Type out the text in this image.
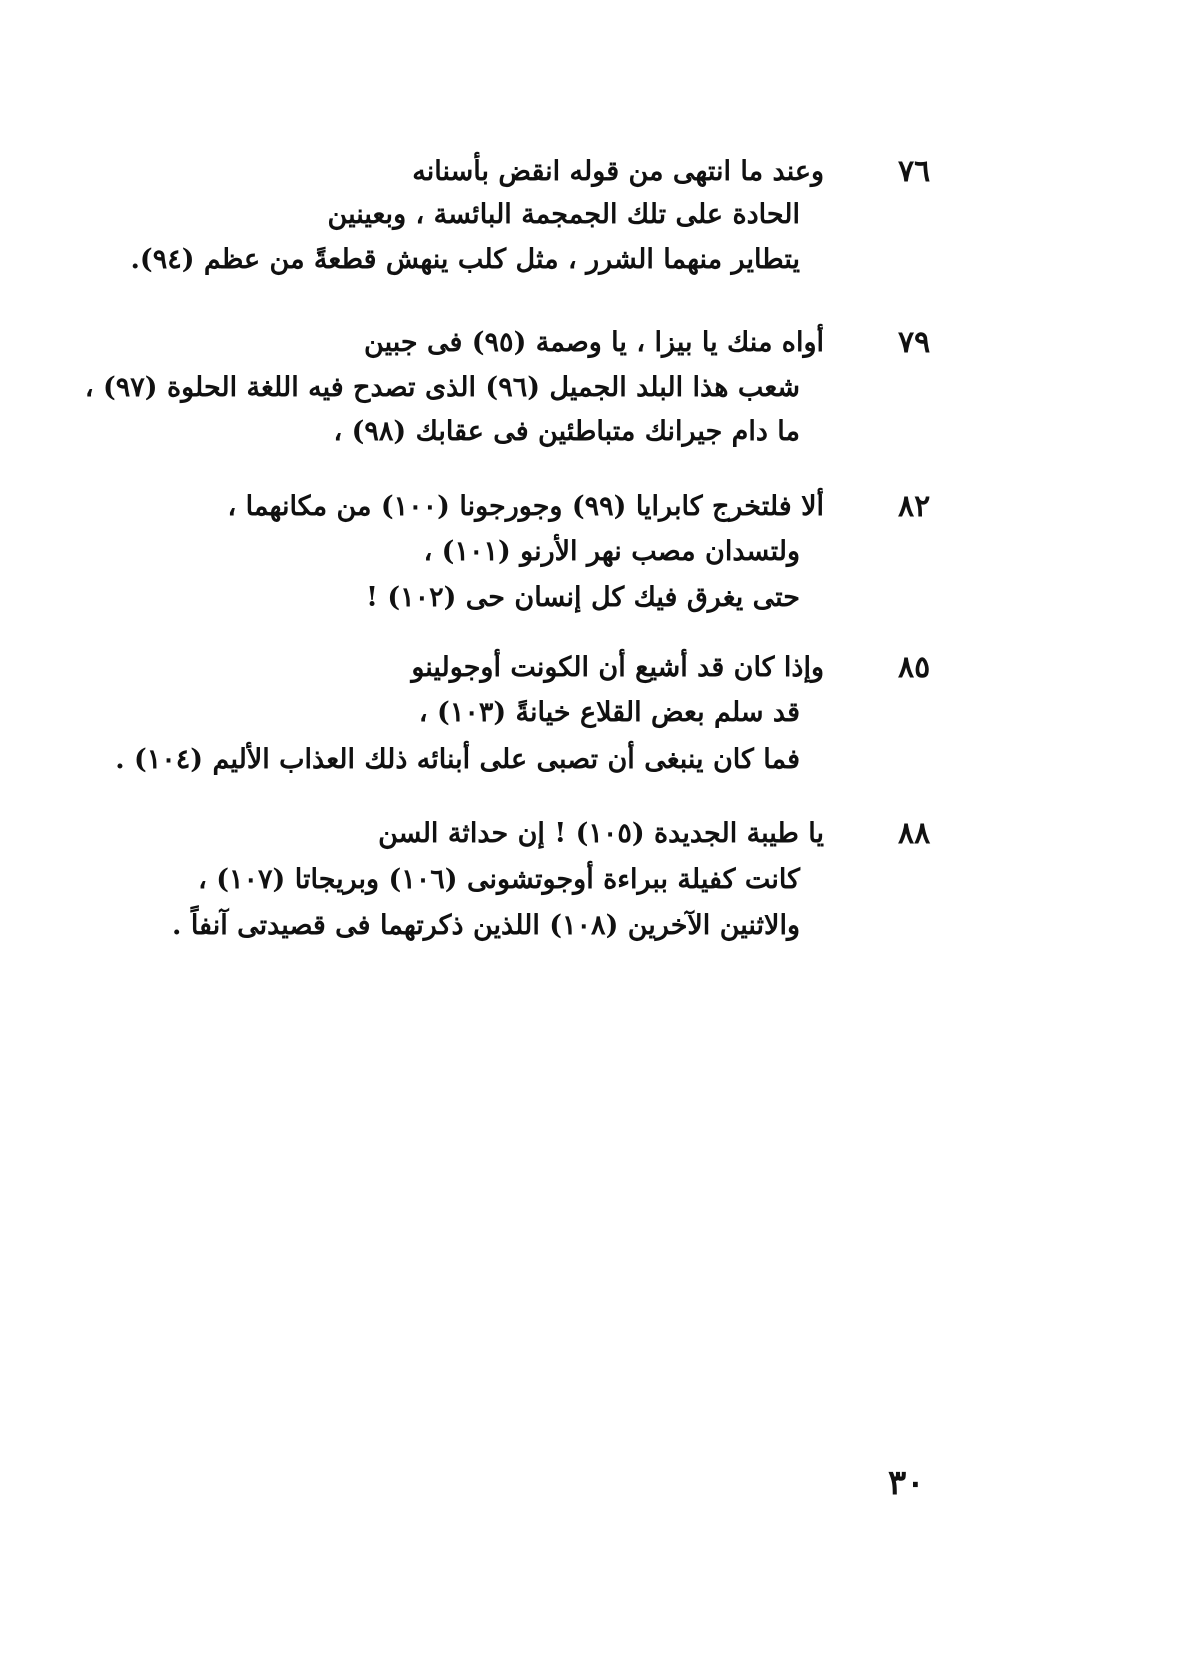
٧٦
وعند ما انتهى من قوله انقض بأسنانه
الحادة على تلك الجمجمة البائسة ، وبعينين
يتطاير منهما الشرر ، مثل كلب ينهش قطعةً من عظم (٩٤).
٧٩
أواه منك يا بيزا ، يا وصمة (٩٥) فى جبين
شعب هذا البلد الجميل (٩٦) الذى تصدح فيه اللغة الحلوة (٩٧) ،
ما دام جيرانك متباطئين فى عقابك (٩٨) ،
٨٢
ألا فلتخرج كابرايا (٩٩) وجورجونا (١٠٠) من مكانهما ،
ولتسدان مصب نهر الأرنو (١٠١) ،
حتى يغرق فيك كل إنسان حى (١٠٢) !
٨٥
وإذا كان قد أشيع أن الكونت أوجولينو
قد سلم بعض القلاع خيانةً (١٠٣) ،
فما كان ينبغى أن تصبى على أبنائه ذلك العذاب الأليم (١٠٤) .
٨٨
يا طيبة الجديدة (١٠٥) ! إن حداثة السن
كانت كفيلة ببراءة أوجوتشونى (١٠٦) وبريجاتا (١٠٧) ،
والاثنين الآخرين (١٠٨) اللذين ذكرتهما فى قصيدتى آنفاً .
٣٠
